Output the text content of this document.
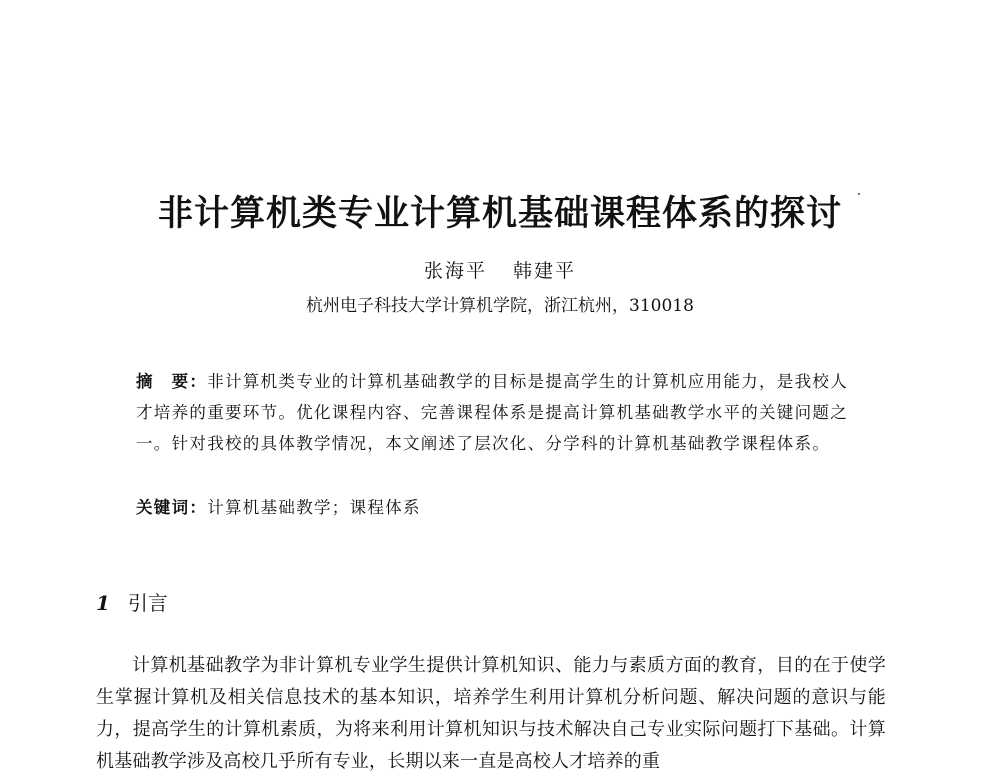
非计算机类专业计算机基础课程体系的探讨
张海平 韩建平
杭州电子科技大学计算机学院，浙江杭州，310018
摘　要：非计算机类专业的计算机基础教学的目标是提高学生的计算机应用能力，是我校人才培养的重要环节。优化课程内容、完善课程体系是提高计算机基础教学水平的关键问题之一。针对我校的具体教学情况，本文阐述了层次化、分学科的计算机基础教学课程体系。
关键词：计算机基础教学；课程体系
1 引言

计算机基础教学为非计算机专业学生提供计算机知识、能力与素质方面的教育，目的在于使学生掌握计算机及相关信息技术的基本知识，培养学生利用计算机分析问题、解决问题的意识与能力，提高学生的计算机素质，为将来利用计算机知识与技术解决自己专业实际问题打下基础。计算机基础教学涉及高校几乎所有专业，长期以来一直是高校人才培养的重
